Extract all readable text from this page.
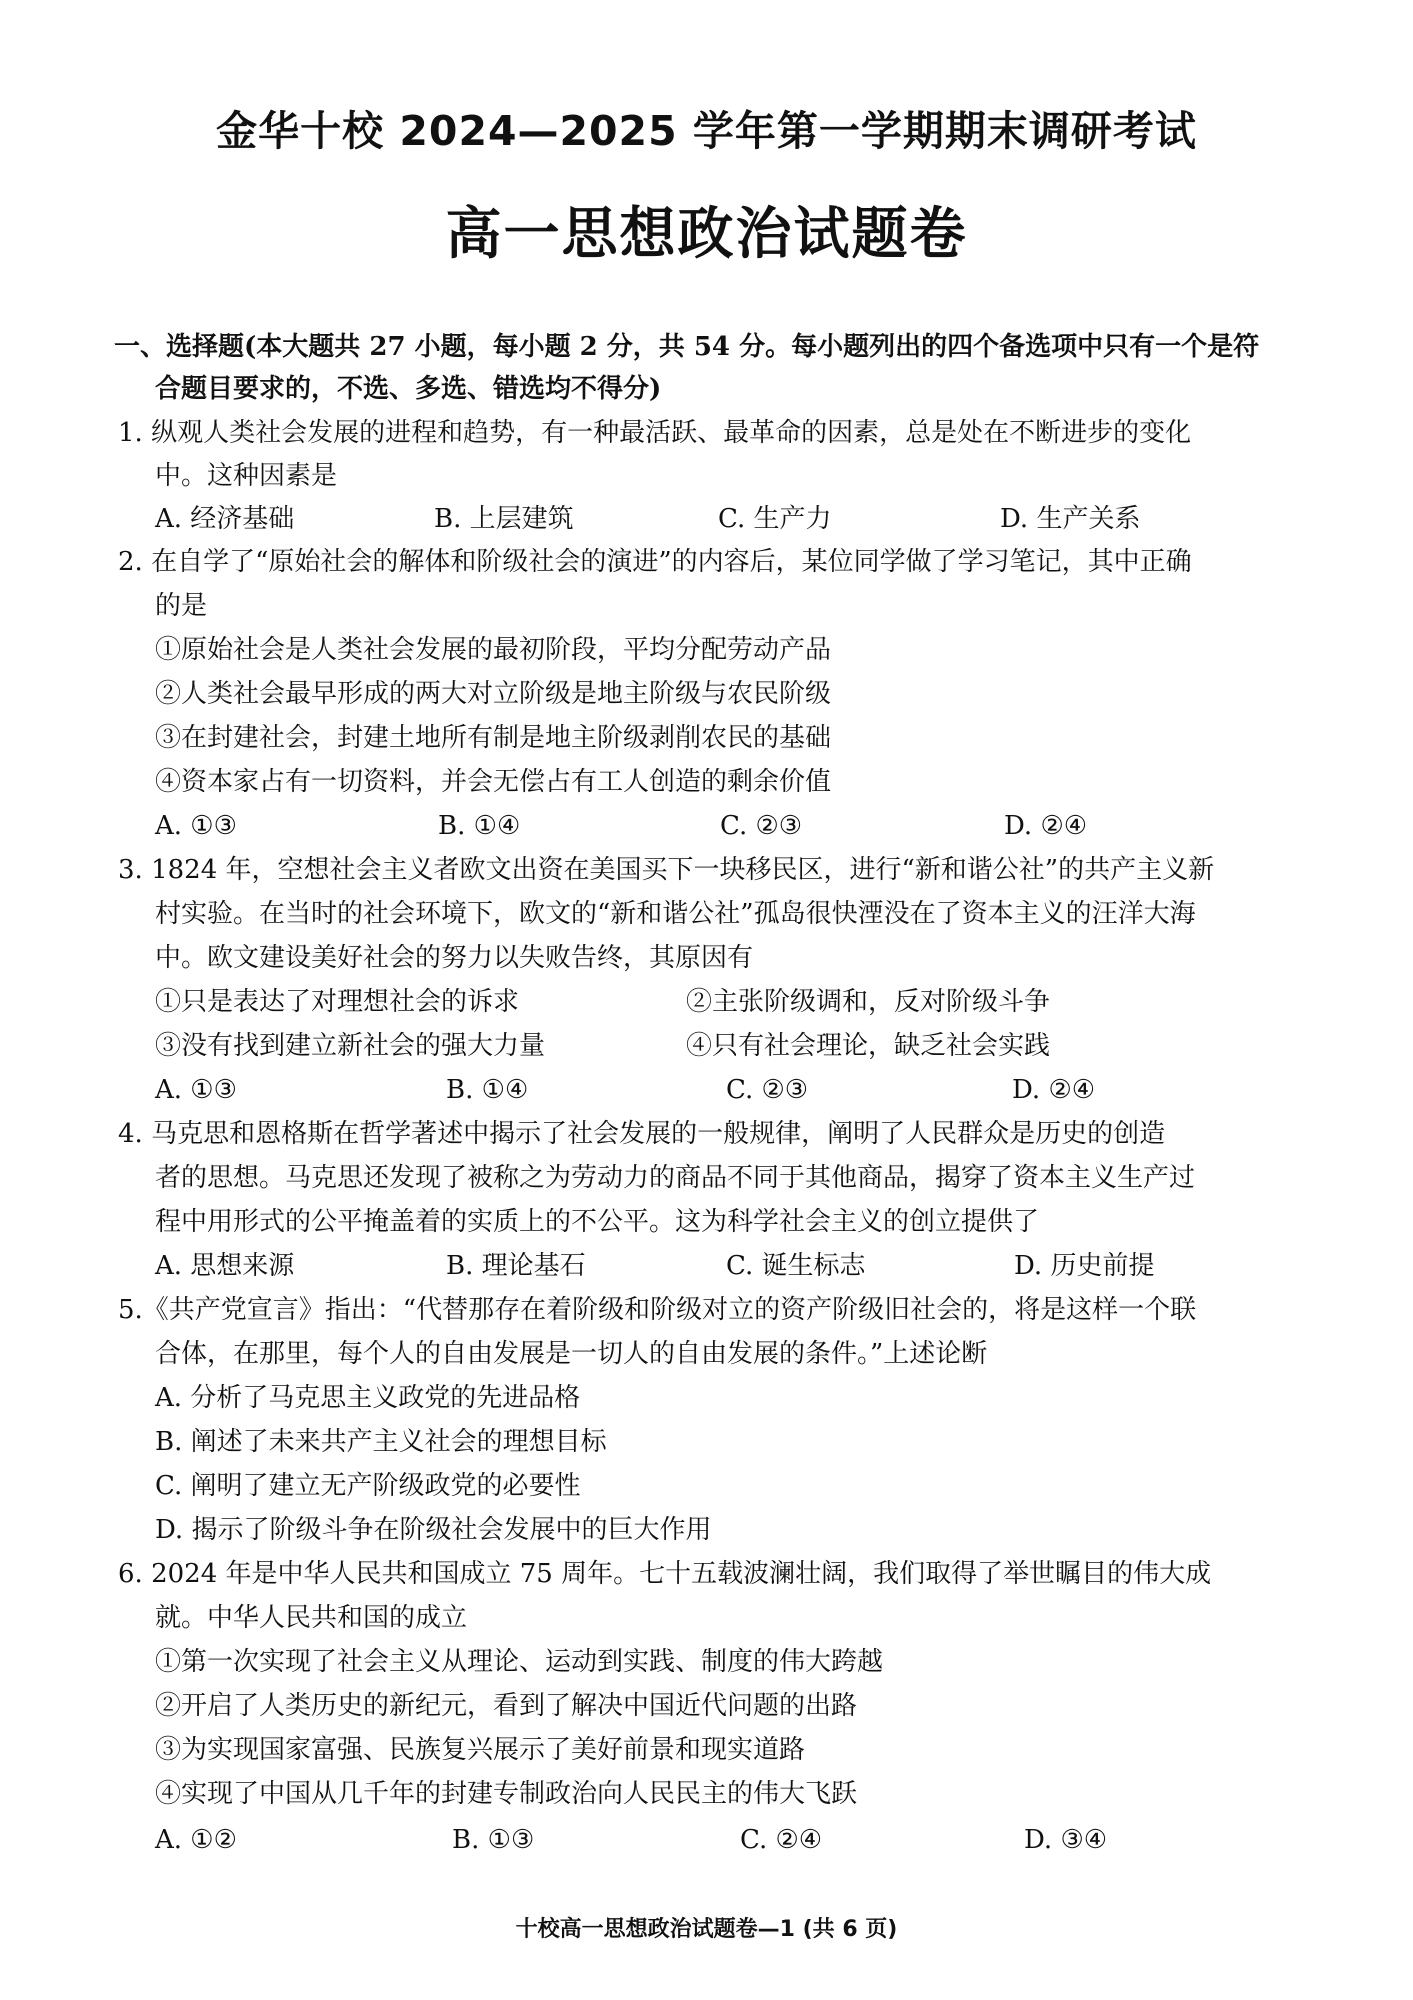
金华十校 2024—2025 学年第一学期期末调研考试
高一思想政治试题卷
一、选择题(本大题共 27 小题，每小题 2 分，共 54 分。每小题列出的四个备选项中只有一个是符
合题目要求的，不选、多选、错选均不得分)
1. 纵观人类社会发展的进程和趋势，有一种最活跃、最革命的因素，总是处在不断进步的变化
中。这种因素是
A. 经济基础	B. 上层建筑	C. 生产力	D. 生产关系
2. 在自学了“原始社会的解体和阶级社会的演进”的内容后，某位同学做了学习笔记，其中正确
的是
①原始社会是人类社会发展的最初阶段，平均分配劳动产品
②人类社会最早形成的两大对立阶级是地主阶级与农民阶级
③在封建社会，封建土地所有制是地主阶级剥削农民的基础
④资本家占有一切资料，并会无偿占有工人创造的剩余价值
A. ①③	B. ①④	C. ②③	D. ②④
3. 1824 年，空想社会主义者欧文出资在美国买下一块移民区，进行“新和谐公社”的共产主义新
村实验。在当时的社会环境下，欧文的“新和谐公社”孤岛很快湮没在了资本主义的汪洋大海
中。欧文建设美好社会的努力以失败告终，其原因有
①只是表达了对理想社会的诉求	②主张阶级调和，反对阶级斗争
③没有找到建立新社会的强大力量	④只有社会理论，缺乏社会实践
A. ①③	B. ①④	C. ②③	D. ②④
4. 马克思和恩格斯在哲学著述中揭示了社会发展的一般规律，阐明了人民群众是历史的创造
者的思想。马克思还发现了被称之为劳动力的商品不同于其他商品，揭穿了资本主义生产过
程中用形式的公平掩盖着的实质上的不公平。这为科学社会主义的创立提供了
A. 思想来源	B. 理论基石	C. 诞生标志	D. 历史前提
5.《共产党宣言》指出：“代替那存在着阶级和阶级对立的资产阶级旧社会的，将是这样一个联
合体，在那里，每个人的自由发展是一切人的自由发展的条件。”上述论断
A. 分析了马克思主义政党的先进品格
B. 阐述了未来共产主义社会的理想目标
C. 阐明了建立无产阶级政党的必要性
D. 揭示了阶级斗争在阶级社会发展中的巨大作用
6. 2024 年是中华人民共和国成立 75 周年。七十五载波澜壮阔，我们取得了举世瞩目的伟大成
就。中华人民共和国的成立
①第一次实现了社会主义从理论、运动到实践、制度的伟大跨越
②开启了人类历史的新纪元，看到了解决中国近代问题的出路
③为实现国家富强、民族复兴展示了美好前景和现实道路
④实现了中国从几千年的封建专制政治向人民民主的伟大飞跃
A. ①②	B. ①③	C. ②④	D. ③④
十校高一思想政治试题卷—1 (共 6 页)
